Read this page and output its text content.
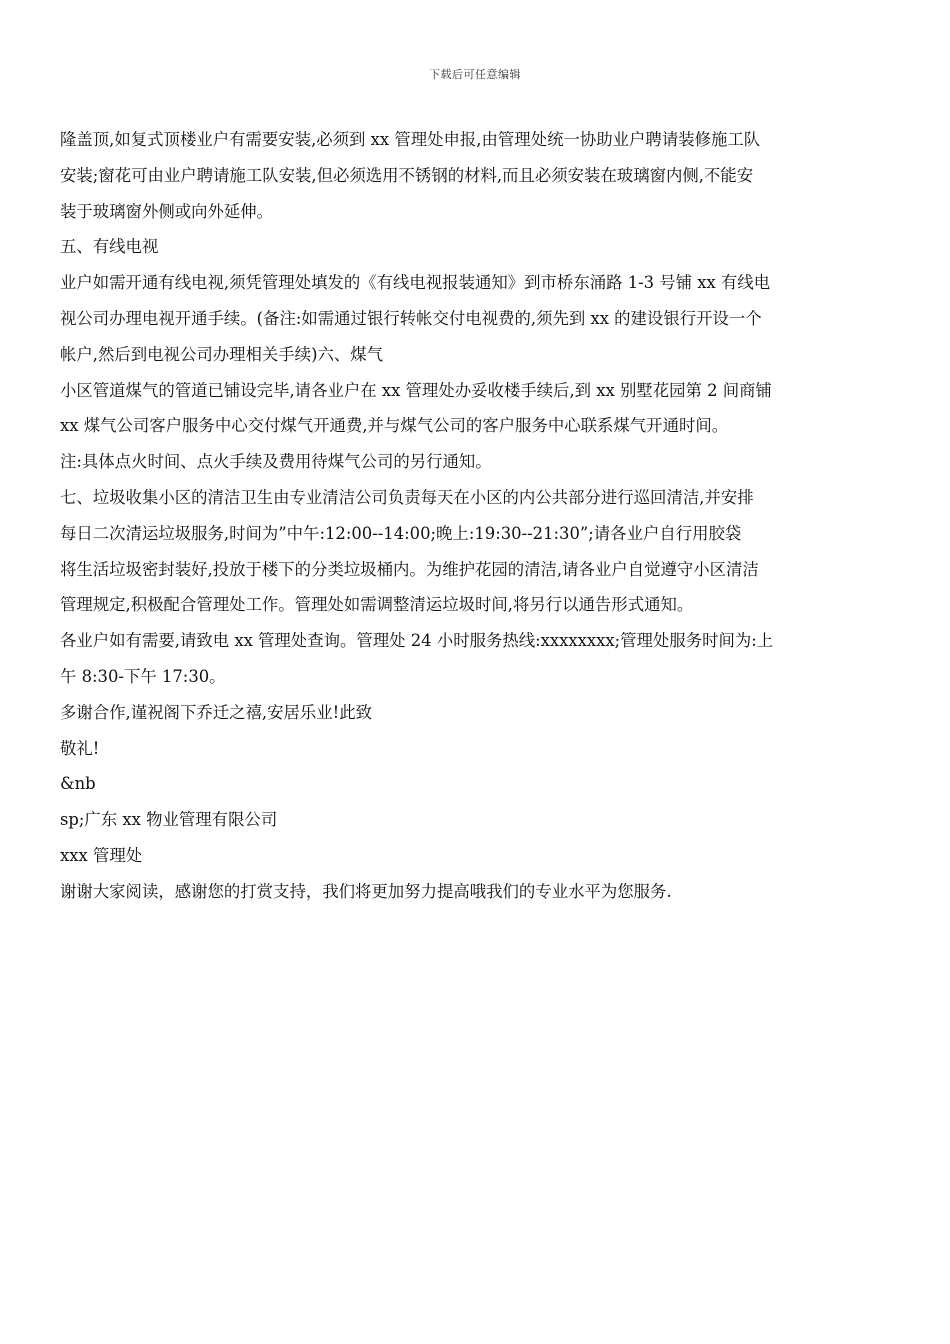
下载后可任意编辑
隆盖顶,如复式顶楼业户有需要安装,必须到 xx 管理处申报,由管理处统一协助业户聘请装修施工队
安装;窗花可由业户聘请施工队安装,但必须选用不锈钢的材料,而且必须安装在玻璃窗内侧,不能安
装于玻璃窗外侧或向外延伸。
五、有线电视
业户如需开通有线电视,须凭管理处填发的《有线电视报装通知》到市桥东涌路 1-3 号铺 xx 有线电
视公司办理电视开通手续。(备注:如需通过银行转帐交付电视费的,须先到 xx 的建设银行开设一个
帐户,然后到电视公司办理相关手续)六、煤气
小区管道煤气的管道已铺设完毕,请各业户在 xx 管理处办妥收楼手续后,到 xx 别墅花园第 2 间商铺
xx 煤气公司客户服务中心交付煤气开通费,并与煤气公司的客户服务中心联系煤气开通时间。
注:具体点火时间、点火手续及费用待煤气公司的另行通知。
七、垃圾收集小区的清洁卫生由专业清洁公司负责每天在小区的内公共部分进行巡回清洁,并安排
每日二次清运垃圾服务,时间为”中午:12:00--14:00;晚上:19:30--21:30”;请各业户自行用胶袋
将生活垃圾密封装好,投放于楼下的分类垃圾桶内。为维护花园的清洁,请各业户自觉遵守小区清洁
管理规定,积极配合管理处工作。管理处如需调整清运垃圾时间,将另行以通告形式通知。
各业户如有需要,请致电 xx 管理处查询。管理处 24 小时服务热线:xxxxxxxx;管理处服务时间为:上
午 8:30-下午 17:30。
多谢合作,谨祝阁下乔迁之禧,安居乐业!此致
敬礼!
&nb
sp;广东 xx 物业管理有限公司
xxx 管理处
谢谢大家阅读，感谢您的打赏支持，我们将更加努力提高哦我们的专业水平为您服务.
